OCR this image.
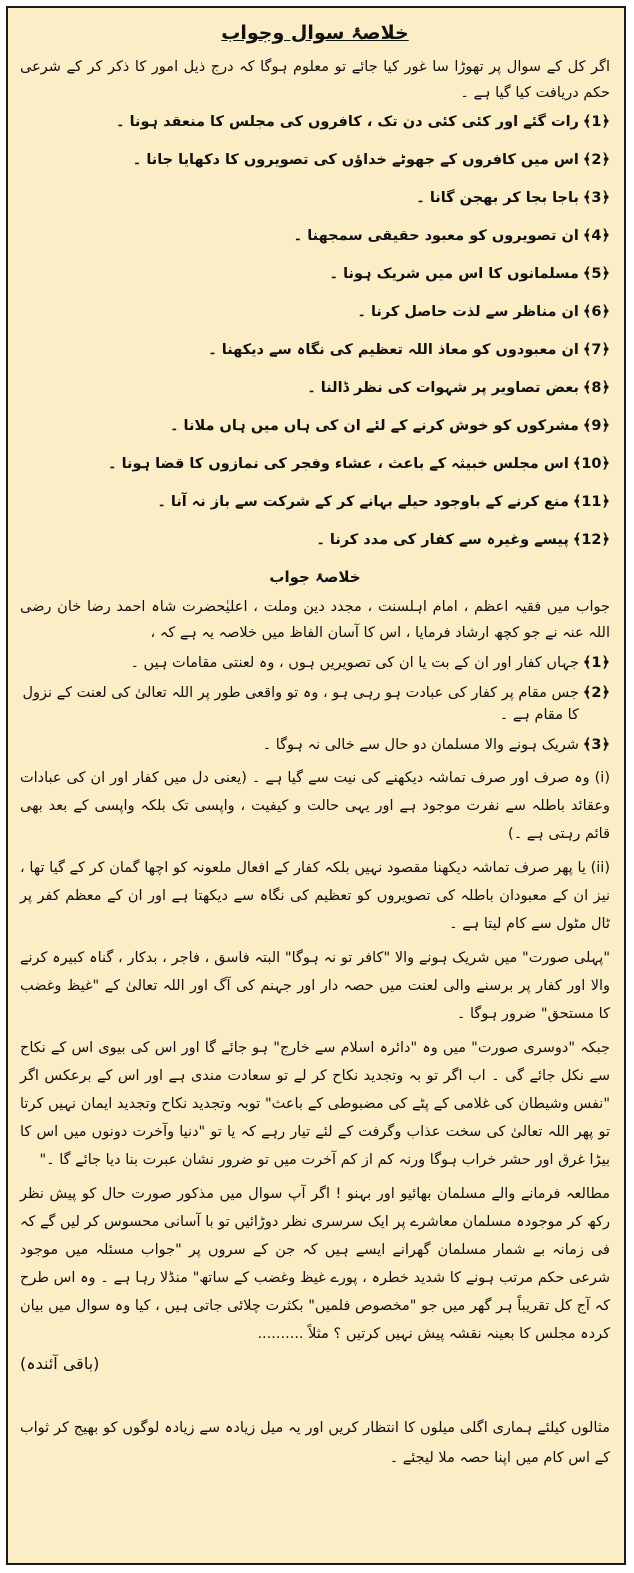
خلاصۂ سوال وجواب

اگر کل کے سوال پر تھوڑا سا غور کیا جائے تو معلوم ہوگا کہ درج ذیل امور کا ذکر کر کے شرعی حکم دریافت کیا گیا ہے ۔

﴿1﴾
رات گئے اور کئی کئی دن تک ، کافروں کی مجلس کا منعقد ہونا ۔
﴿2﴾
اس میں کافروں کے جھوٹے خداؤں کی تصویروں کا دکھایا جانا ۔
﴿3﴾
باجا بجا کر بھجن گانا ۔
﴿4﴾
ان تصویروں کو معبود حقیقی سمجھنا ۔
﴿5﴾
مسلمانوں کا اس میں شریک ہونا ۔
﴿6﴾
ان مناظر سے لذت حاصل کرنا ۔
﴿7﴾
ان معبودوں کو معاذ اللہ تعظیم کی نگاہ سے دیکھنا ۔
﴿8﴾
بعض تصاویر پر شہوات کی نظر ڈالنا ۔
﴿9﴾
مشرکوں کو خوش کرنے کے لئے ان کی ہاں میں ہاں ملانا ۔
﴿10﴾
اس مجلس خبیثہ کے باعث ، عشاء وفجر کی نمازوں کا قضا ہونا ۔
﴿11﴾
منع کرنے کے باوجود حیلے بہانے کر کے شرکت سے باز نہ آنا ۔
﴿12﴾
پیسے وغیرہ سے کفار کی مدد کرنا ۔
خلاصۂ جواب

جواب میں فقیہ اعظم ، امام اہلسنت ، مجدد دین وملت ، اعلیٰحضرت شاہ احمد رضا خان رضی اللہ عنہ نے جو کچھ ارشاد فرمایا ، اس کا آسان الفاظ میں خلاصہ یہ ہے کہ ،

﴿1﴾
جہاں کفار اور ان کے بت یا ان کی تصویریں ہوں ، وہ لعنتی مقامات ہیں ۔
﴿2﴾
جس مقام پر کفار کی عبادت ہو رہی ہو ، وہ تو واقعی طور پر اللہ تعالیٰ کی لعنت کے نزول کا مقام ہے ۔
﴿3﴾
شریک ہونے والا مسلمان دو حال سے خالی نہ ہوگا ۔

(i) وہ صرف اور صرف تماشہ دیکھنے کی نیت سے گیا ہے ۔ (یعنی دل میں کفار اور ان کی عبادات وعقائد باطلہ سے نفرت موجود ہے اور یہی حالت و کیفیت ، واپسی تک بلکہ واپسی کے بعد بھی قائم رہتی ہے ۔)

(ii) یا پھر صرف تماشہ دیکھنا مقصود نہیں بلکہ کفار کے افعال ملعونہ کو اچھا گمان کر کے گیا تھا ، نیز ان کے معبودان باطلہ کی تصویروں کو تعظیم کی نگاہ سے دیکھتا ہے اور ان کے معظم کفر پر ٹال مٹول سے کام لیتا ہے ۔

"پہلی صورت" میں شریک ہونے والا "کافر تو نہ ہوگا" البتہ فاسق ، فاجر ، بدکار ، گناہ کبیرہ کرنے والا اور کفار پر برسنے والی لعنت میں حصہ دار اور جہنم کی آگ اور اللہ تعالیٰ کے "غیظ وغضب کا مستحق" ضرور ہوگا ۔

جبکہ "دوسری صورت" میں وہ "دائرہ اسلام سے خارج" ہو جائے گا اور اس کی بیوی اس کے نکاح سے نکل جائے گی ۔ اب اگر تو بہ وتجدید نکاح کر لے تو سعادت مندی ہے اور اس کے برعکس اگر "نفس وشیطان کی غلامی کے پٹے کی مضبوطی کے باعث" توبہ وتجدید نکاح وتجدید ایمان نہیں کرتا تو پھر اللہ تعالیٰ کی سخت عذاب وگرفت کے لئے تیار رہے کہ یا تو "دنیا وآخرت دونوں میں اس کا بیڑا غرق اور حشر خراب ہوگا ورنہ کم از کم آخرت میں تو ضرور نشان عبرت بنا دیا جائے گا ۔"

مطالعہ فرمانے والے مسلمان بھائیو اور بہنو ! اگر آپ سوال میں مذکور صورت حال کو پیش نظر رکھ کر موجودہ مسلمان معاشرے پر ایک سرسری نظر دوڑائیں تو با آسانی محسوس کر لیں گے کہ فی زمانہ بے شمار مسلمان گھرانے ایسے ہیں کہ جن کے سروں پر "جواب مسئلہ میں موجود شرعی حکم مرتب ہونے کا شدید خطرہ ، پورے غیظ وغضب کے ساتھ" منڈلا رہا ہے ۔ وہ اس طرح کہ آج کل تقریباً ہر گھر میں جو "مخصوص فلمیں" بکثرت چلائی جاتی ہیں ، کیا وہ سوال میں بیان کردہ مجلس کا بعینہ نقشہ پیش نہیں کرتیں ؟ مثلاً ..........

(باقی آئندہ)

مثالوں کیلئے ہماری اگلی میلوں کا انتظار کریں اور یہ میل زیادہ سے زیادہ لوگوں کو بھیج کر ثواب کے اس کام میں اپنا حصہ ملا لیجئے ۔
